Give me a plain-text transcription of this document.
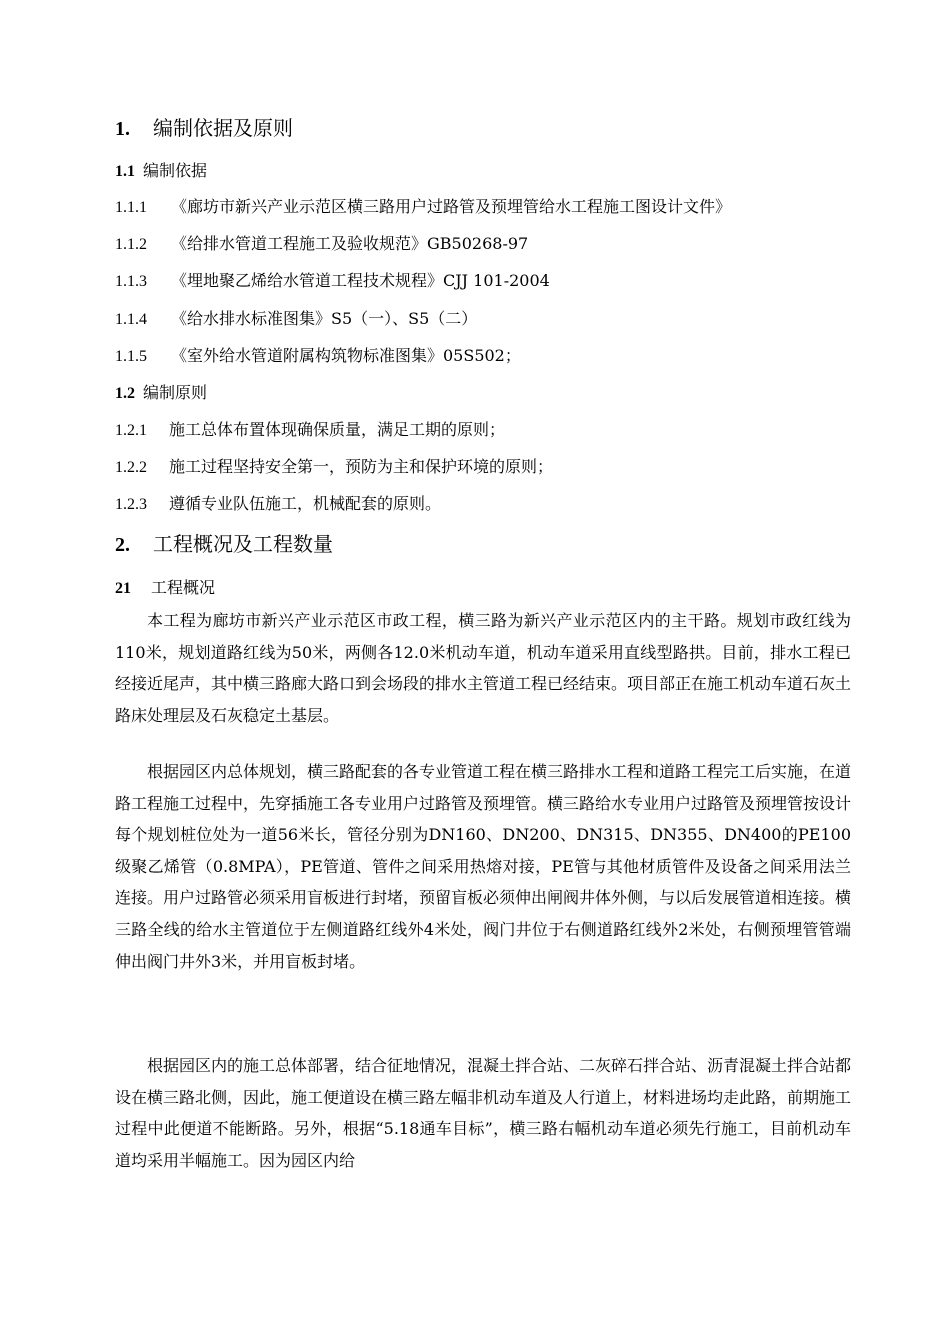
1. 编制依据及原则
1.1 编制依据
1.1.1 《廊坊市新兴产业示范区横三路用户过路管及预埋管给水工程施工图设计文件》
1.1.2 《给排水管道工程施工及验收规范》GB50268-97
1.1.3 《埋地聚乙烯给水管道工程技术规程》CJJ 101-2004
1.1.4 《给水排水标准图集》S5（一）、S5（二）
1.1.5 《室外给水管道附属构筑物标准图集》05S502；
1.2 编制原则
1.2.1 施工总体布置体现确保质量，满足工期的原则；
1.2.2 施工过程坚持安全第一，预防为主和保护环境的原则；
1.2.3 遵循专业队伍施工，机械配套的原则。
2. 工程概况及工程数量
21 工程概况

本工程为廊坊市新兴产业示范区市政工程，横三路为新兴产业示范区内的主干路。规划市政红线为110米，规划道路红线为50米，两侧各12.0米机动车道，机动车道采用直线型路拱。目前，排水工程已经接近尾声，其中横三路廊大路口到会场段的排水主管道工程已经结束。项目部正在施工机动车道石灰土路床处理层及石灰稳定土基层。

根据园区内总体规划，横三路配套的各专业管道工程在横三路排水工程和道路工程完工后实施，在道路工程施工过程中，先穿插施工各专业用户过路管及预埋管。横三路给水专业用户过路管及预埋管按设计每个规划桩位处为一道56米长，管径分别为DN160、DN200、DN315、DN355、DN400的PE100级聚乙烯管（0.8MPA），PE管道、管件之间采用热熔对接，PE管与其他材质管件及设备之间采用法兰连接。用户过路管必须采用盲板进行封堵，预留盲板必须伸出闸阀井体外侧，与以后发展管道相连接。横三路全线的给水主管道位于左侧道路红线外4米处，阀门井位于右侧道路红线外2米处，右侧预埋管管端伸出阀门井外3米，并用盲板封堵。

根据园区内的施工总体部署，结合征地情况，混凝土拌合站、二灰碎石拌合站、沥青混凝土拌合站都设在横三路北侧，因此，施工便道设在横三路左幅非机动车道及人行道上，材料进场均走此路，前期施工过程中此便道不能断路。另外，根据“5.18通车目标”，横三路右幅机动车道必须先行施工，目前机动车道均采用半幅施工。因为园区内给
